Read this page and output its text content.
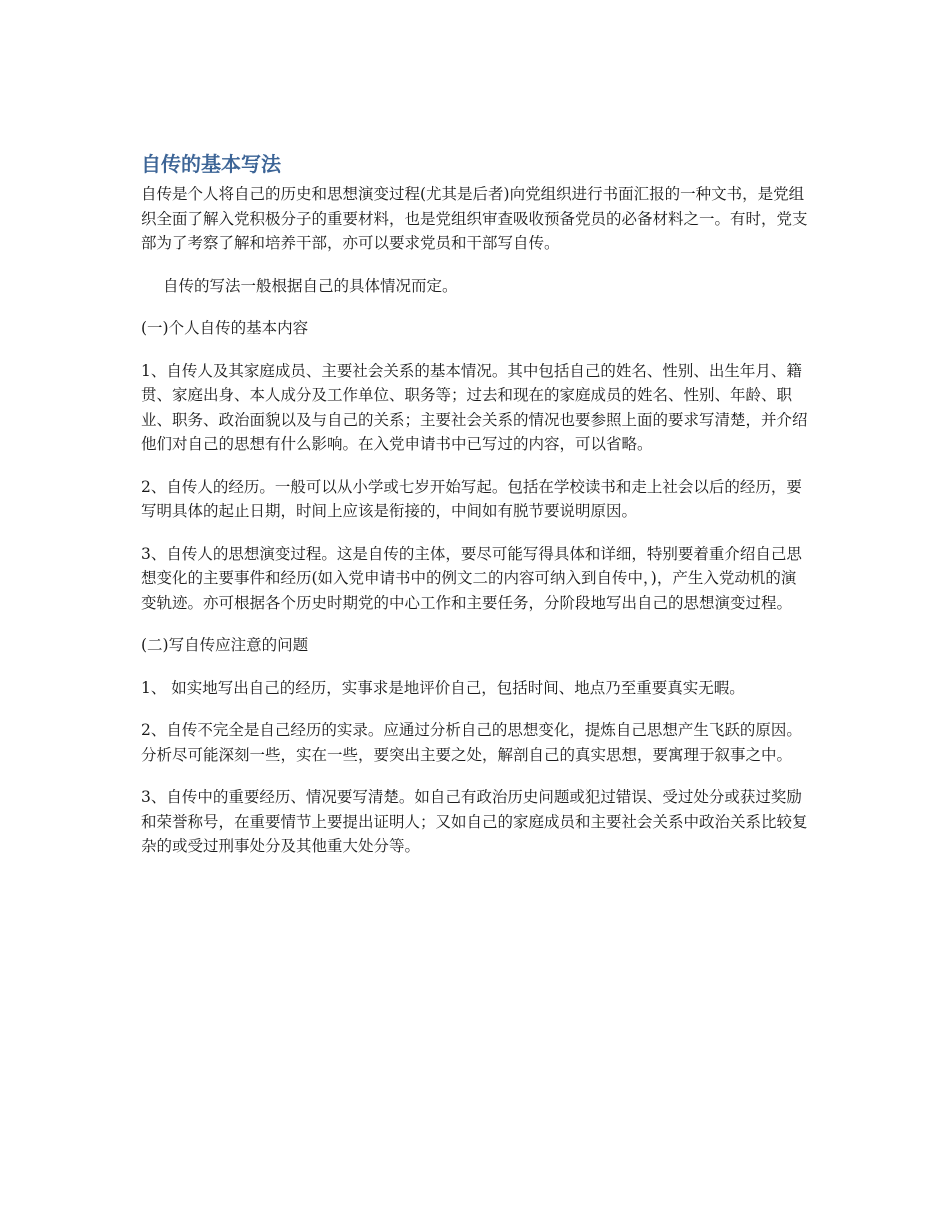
自传的基本写法

自传是个人将自己的历史和思想演变过程(尤其是后者)向党组织进行书面汇报的一种文书，是党组织全面了解入党积极分子的重要材料，也是党组织审查吸收预备党员的必备材料之一。有时，党支部为了考察了解和培养干部，亦可以要求党员和干部写自传。

自传的写法一般根据自己的具体情况而定。

(一)个人自传的基本内容

1、自传人及其家庭成员、主要社会关系的基本情况。其中包括自己的姓名、性别、出生年月、籍贯、家庭出身、本人成分及工作单位、职务等；过去和现在的家庭成员的姓名、性别、年龄、职业、职务、政治面貌以及与自己的关系；主要社会关系的情况也要参照上面的要求写清楚，并介绍他们对自己的思想有什么影响。在入党申请书中已写过的内容，可以省略。

2、自传人的经历。一般可以从小学或七岁开始写起。包括在学校读书和走上社会以后的经历，要写明具体的起止日期，时间上应该是衔接的，中间如有脱节要说明原因。

3、自传人的思想演变过程。这是自传的主体，要尽可能写得具体和详细，特别要着重介绍自己思想变化的主要事件和经历(如入党申请书中的例文二的内容可纳入到自传中，)，产生入党动机的演变轨迹。亦可根据各个历史时期党的中心工作和主要任务，分阶段地写出自己的思想演变过程。

(二)写自传应注意的问题

1、 如实地写出自己的经历，实事求是地评价自己，包括时间、地点乃至重要真实无暇。

2、自传不完全是自己经历的实录。应通过分析自己的思想变化，提炼自己思想产生飞跃的原因。分析尽可能深刻一些，实在一些，要突出主要之处，解剖自己的真实思想，要寓理于叙事之中。

3、自传中的重要经历、情况要写清楚。如自己有政治历史问题或犯过错误、受过处分或获过奖励和荣誉称号，在重要情节上要提出证明人；又如自己的家庭成员和主要社会关系中政治关系比较复杂的或受过刑事处分及其他重大处分等。
